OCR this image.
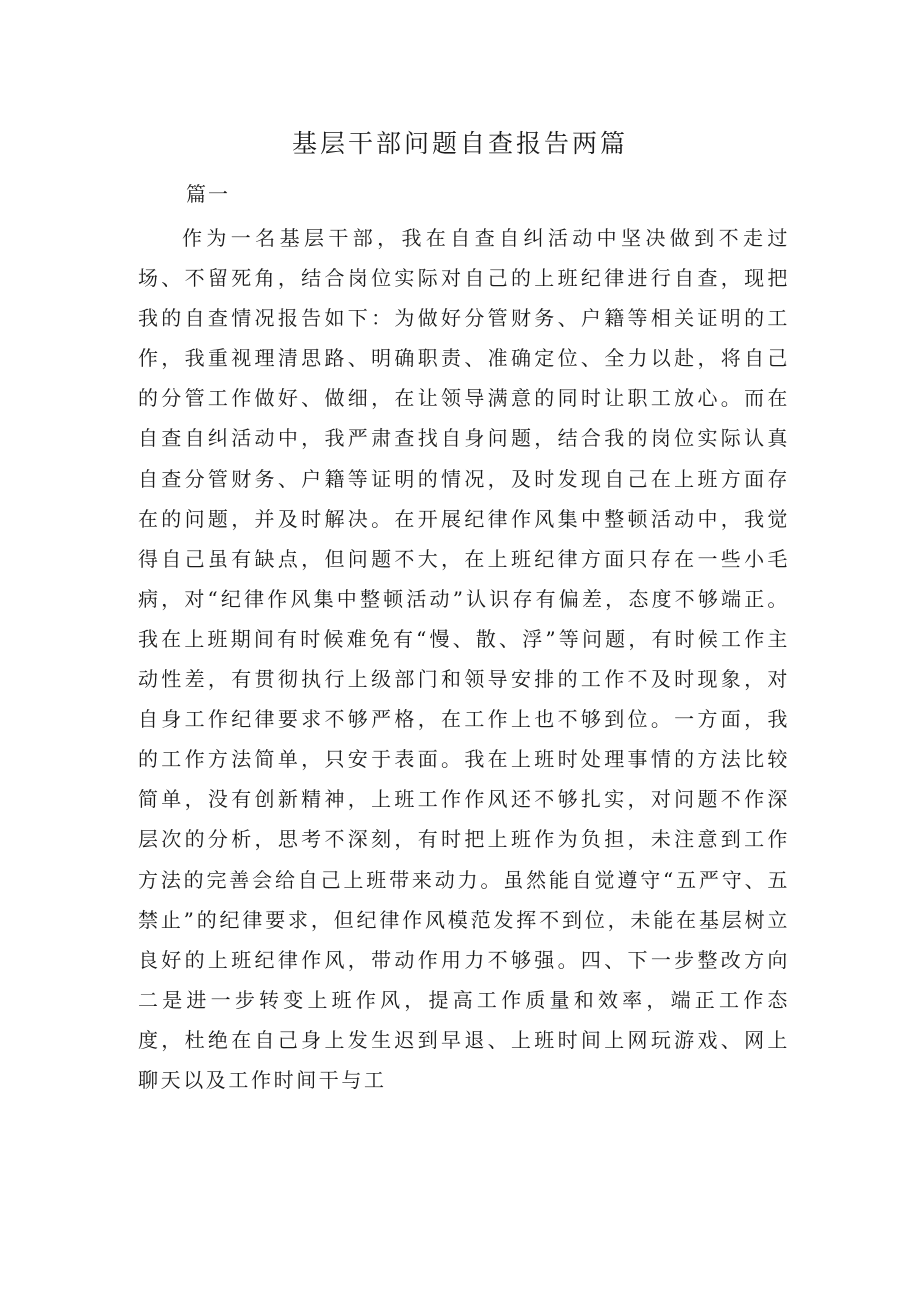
基层干部问题自查报告两篇

篇一

作为一名基层干部，我在自查自纠活动中坚决做到不走过场、不留死角，结合岗位实际对自己的上班纪律进行自查，现把我的自查情况报告如下：为做好分管财务、户籍等相关证明的工作，我重视理清思路、明确职责、准确定位、全力以赴，将自己的分管工作做好、做细，在让领导满意的同时让职工放心。而在自查自纠活动中，我严肃查找自身问题，结合我的岗位实际认真自查分管财务、户籍等证明的情况，及时发现自己在上班方面存在的问题，并及时解决。在开展纪律作风集中整顿活动中，我觉得自己虽有缺点，但问题不大，在上班纪律方面只存在一些小毛病，对“纪律作风集中整顿活动”认识存有偏差，态度不够端正。我在上班期间有时候难免有“慢、散、浮”等问题，有时候工作主动性差，有贯彻执行上级部门和领导安排的工作不及时现象，对自身工作纪律要求不够严格，在工作上也不够到位。一方面，我的工作方法简单，只安于表面。我在上班时处理事情的方法比较简单，没有创新精神，上班工作作风还不够扎实，对问题不作深层次的分析，思考不深刻，有时把上班作为负担，未注意到工作方法的完善会给自己上班带来动力。虽然能自觉遵守“五严守、五禁止”的纪律要求，但纪律作风模范发挥不到位，未能在基层树立良好的上班纪律作风，带动作用力不够强。四、下一步整改方向二是进一步转变上班作风，提高工作质量和效率，端正工作态度，杜绝在自己身上发生迟到早退、上班时间上网玩游戏、网上聊天以及工作时间干与工
